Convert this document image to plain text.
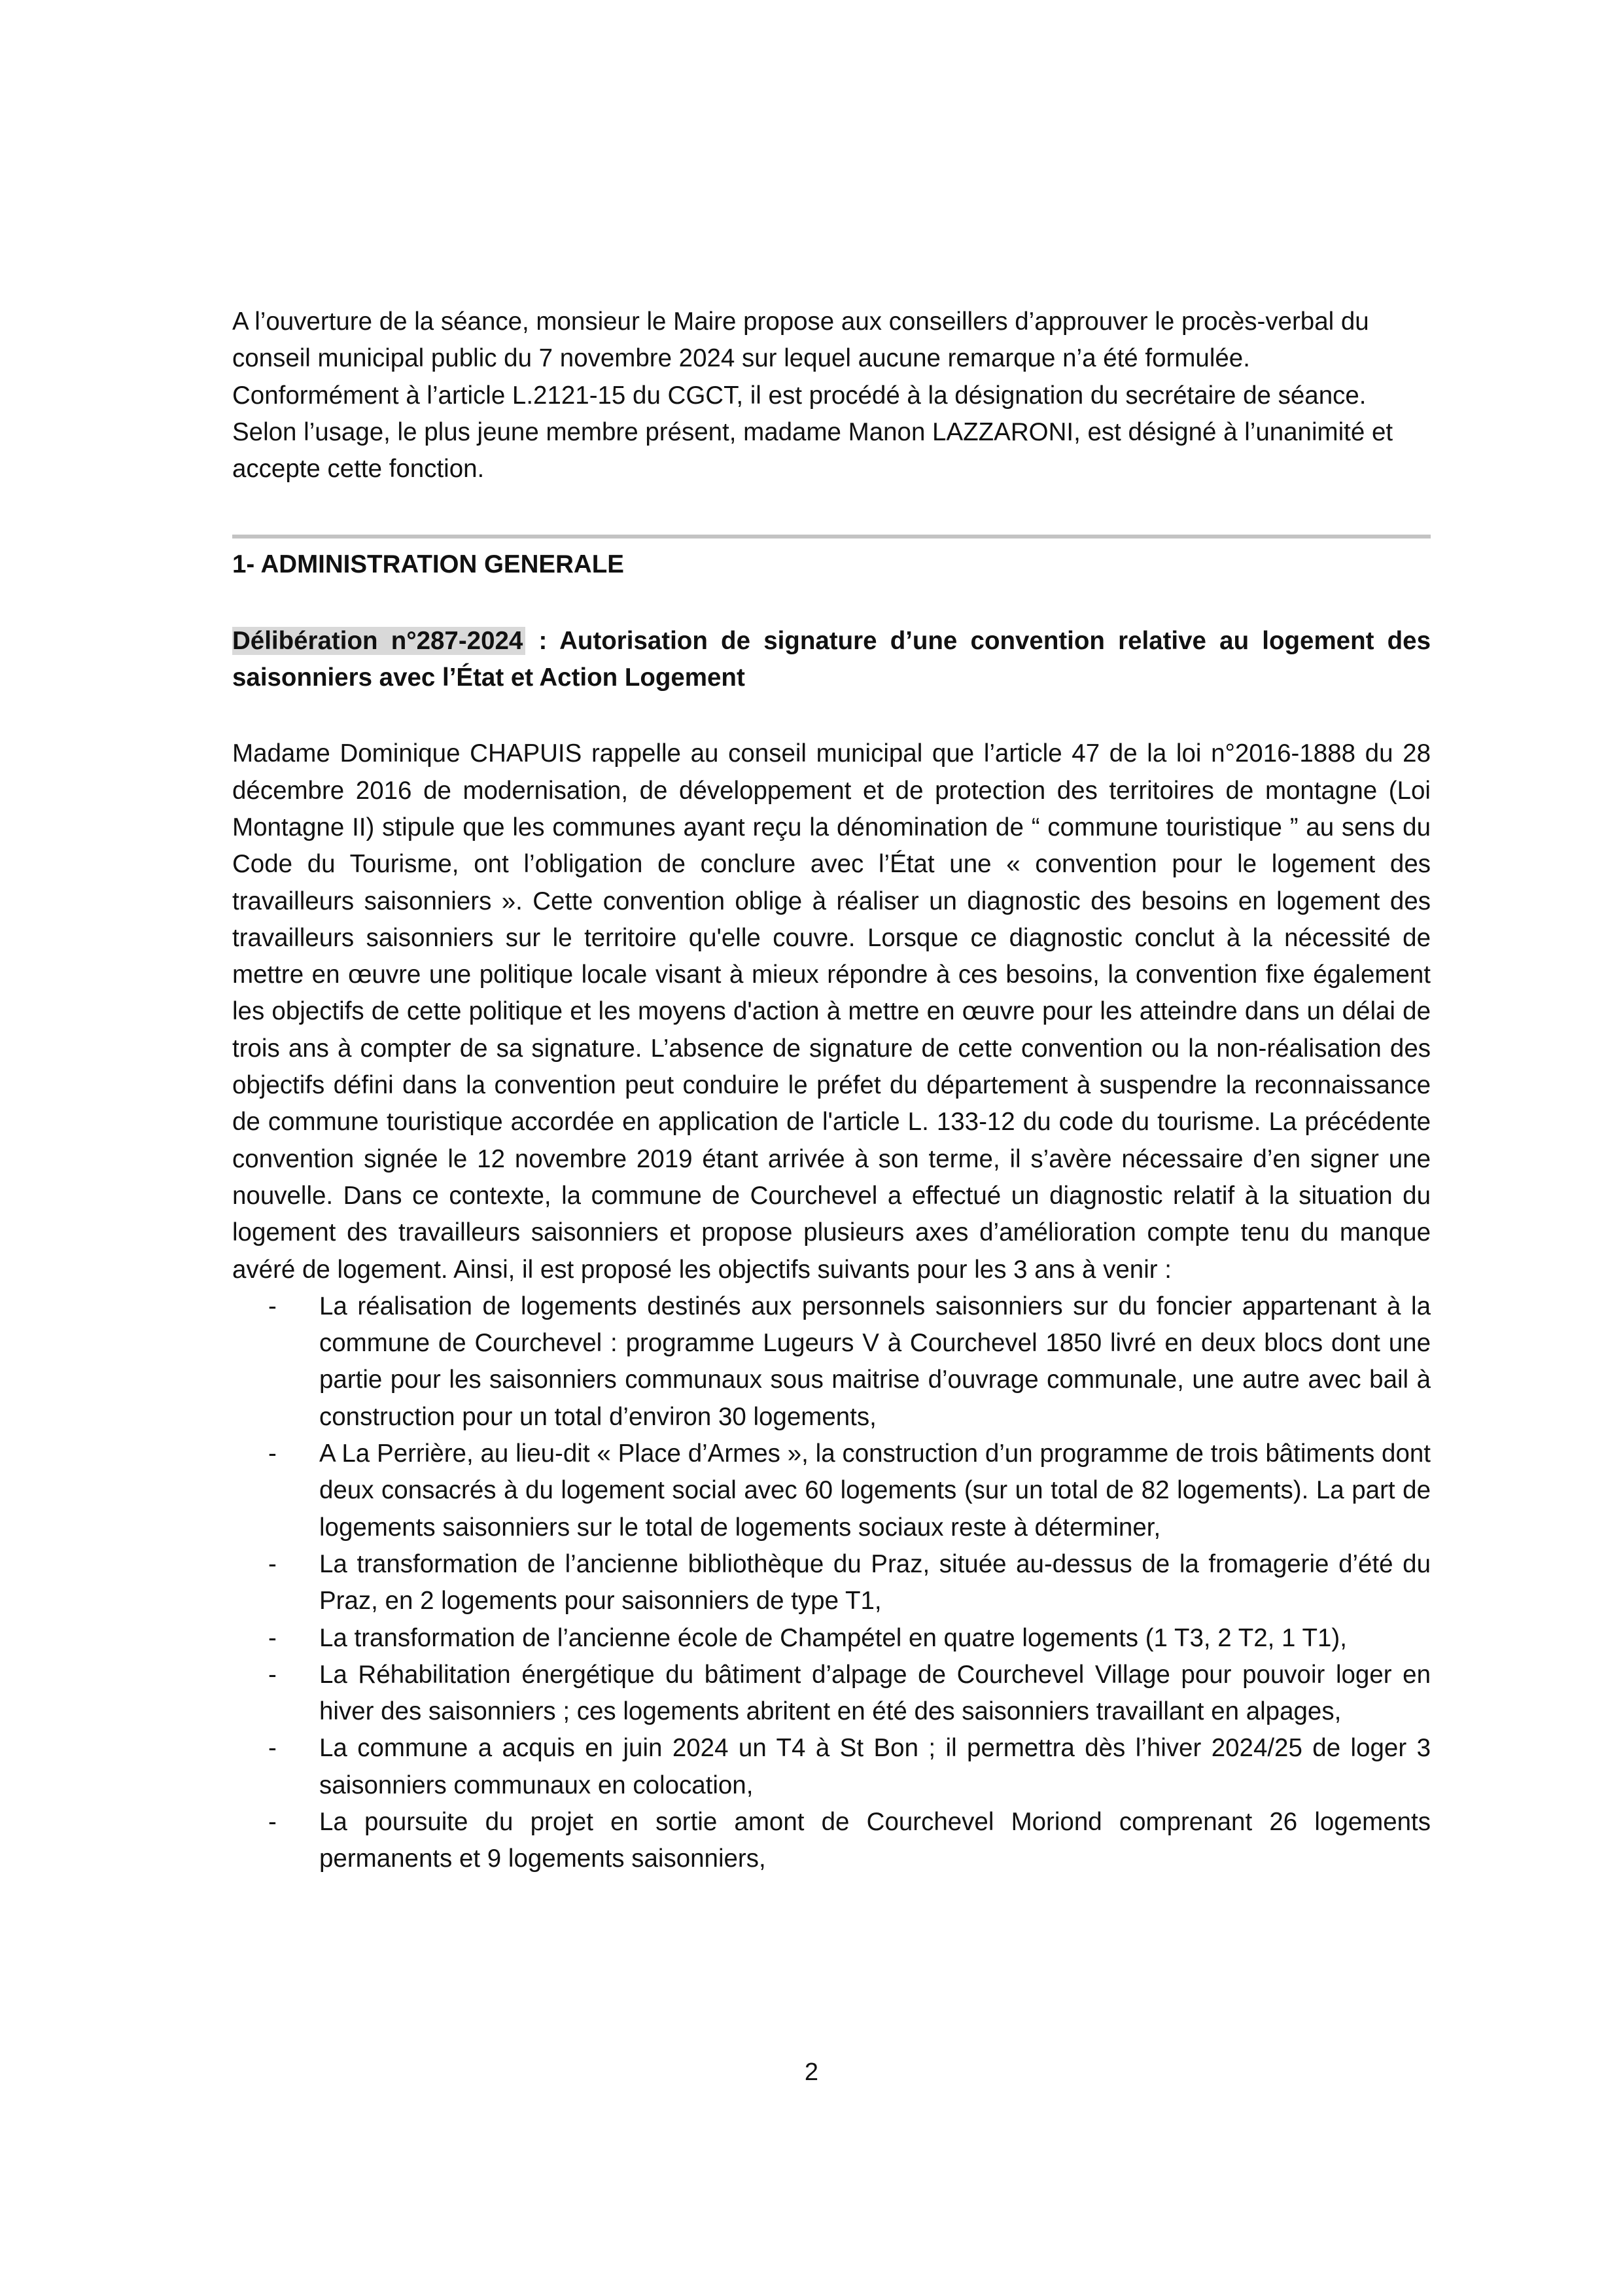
A l’ouverture de la séance, monsieur le Maire propose aux conseillers d’approuver le procès-verbal du conseil municipal public du 7 novembre 2024 sur lequel aucune remarque n’a été formulée.

Conformément à l’article L.2121-15 du CGCT, il est procédé à la désignation du secrétaire de séance. Selon l’usage, le plus jeune membre présent, madame Manon LAZZARONI, est désigné à l’unanimité et accepte cette fonction.

1- ADMINISTRATION GENERALE
Délibération n°287-2024 : Autorisation de signature d’une convention relative au logement des saisonniers avec l’État et Action Logement
Madame Dominique CHAPUIS rappelle au conseil municipal que l’article 47 de la loi n°2016-1888 du 28 décembre 2016 de modernisation, de développement et de protection des territoires de montagne (Loi Montagne II) stipule que les communes ayant reçu la dénomination de “ commune touristique ” au sens du Code du Tourisme, ont l’obligation de conclure avec l’État une « convention pour le logement des travailleurs saisonniers ». Cette convention oblige à réaliser un diagnostic des besoins en logement des travailleurs saisonniers sur le territoire qu'elle couvre. Lorsque ce diagnostic conclut à la nécessité de mettre en œuvre une politique locale visant à mieux répondre à ces besoins, la convention fixe également les objectifs de cette politique et les moyens d'action à mettre en œuvre pour les atteindre dans un délai de trois ans à compter de sa signature. L’absence de signature de cette convention ou la non-réalisation des objectifs défini dans la convention peut conduire le préfet du département à suspendre la reconnaissance de commune touristique accordée en application de l'article L. 133-12 du code du tourisme. La précédente convention signée le 12 novembre 2019 étant arrivée à son terme, il s’avère nécessaire d’en signer une nouvelle. Dans ce contexte, la commune de Courchevel a effectué un diagnostic relatif à la situation du logement des travailleurs saisonniers et propose plusieurs axes d’amélioration compte tenu du manque avéré de logement. Ainsi, il est proposé les objectifs suivants pour les 3 ans à venir :
- La réalisation de logements destinés aux personnels saisonniers sur du foncier appartenant à la commune de Courchevel : programme Lugeurs V à Courchevel 1850 livré en deux blocs dont une partie pour les saisonniers communaux sous maitrise d’ouvrage communale, une autre avec bail à construction pour un total d’environ 30 logements,
- A La Perrière, au lieu-dit « Place d’Armes », la construction d’un programme de trois bâtiments dont deux consacrés à du logement social avec 60 logements (sur un total de 82 logements). La part de logements saisonniers sur le total de logements sociaux reste à déterminer,
- La transformation de l’ancienne bibliothèque du Praz, située au-dessus de la fromagerie d’été du Praz, en 2 logements pour saisonniers de type T1,
- La transformation de l’ancienne école de Champétel en quatre logements (1 T3, 2 T2, 1 T1),
- La Réhabilitation énergétique du bâtiment d’alpage de Courchevel Village pour pouvoir loger en hiver des saisonniers ; ces logements abritent en été des saisonniers travaillant en alpages,
- La commune a acquis en juin 2024 un T4 à St Bon ; il permettra dès l’hiver 2024/25 de loger 3 saisonniers communaux en colocation,
- La poursuite du projet en sortie amont de Courchevel Moriond comprenant 26 logements permanents et 9 logements saisonniers,
2
